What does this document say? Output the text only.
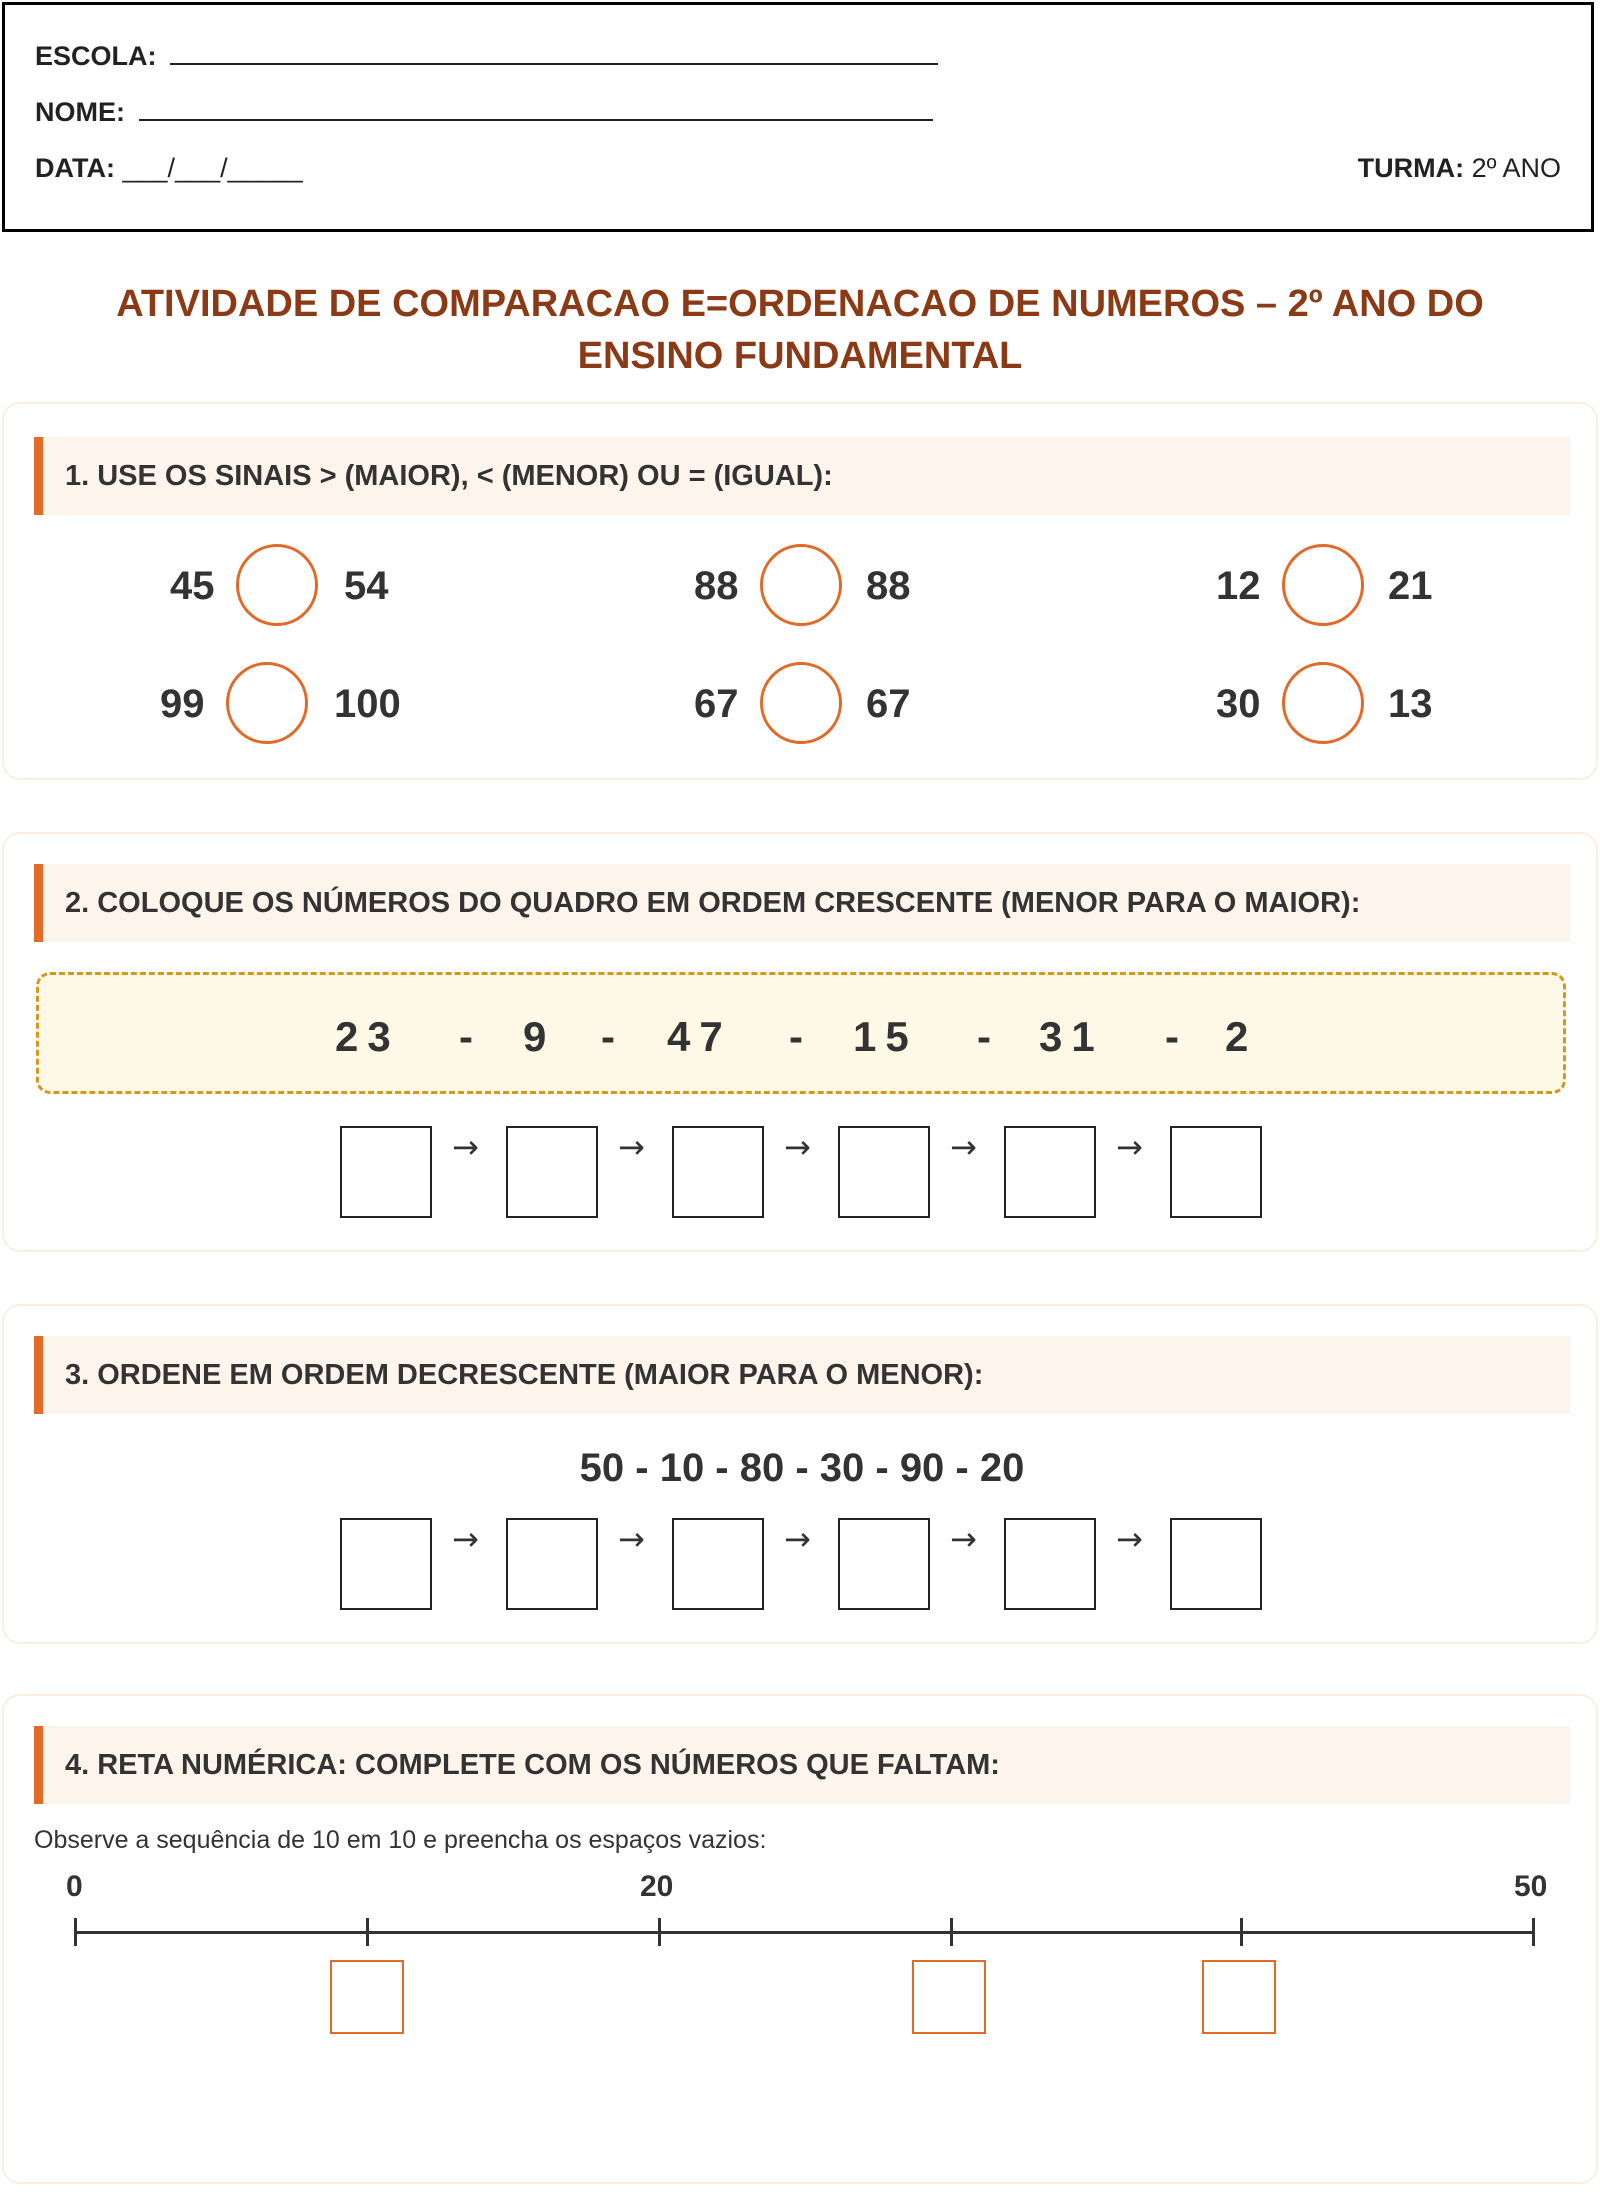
ESCOLA:
NOME:
DATA: ___/___/_____	TURMA: 2º ANO
ATIVIDADE DE COMPARACAO E=ORDENACAO DE NUMEROS – 2º ANO DO ENSINO FUNDAMENTAL
1. USE OS SINAIS > (MAIOR), < (MENOR) OU = (IGUAL):
45	54	88	88	12	21
99	100	67	67	30	13
2. COLOQUE OS NÚMEROS DO QUADRO EM ORDEM CRESCENTE (MENOR PARA O MAIOR):
23 - 9 - 47 - 15 - 31 - 2
→	→	→	→	→
3. ORDENE EM ORDEM DECRESCENTE (MAIOR PARA O MENOR):
50 - 10 - 80 - 30 - 90 - 20
→	→	→	→	→
4. RETA NUMÉRICA: COMPLETE COM OS NÚMEROS QUE FALTAM:
Observe a sequência de 10 em 10 e preencha os espaços vazios:
0	20	50
